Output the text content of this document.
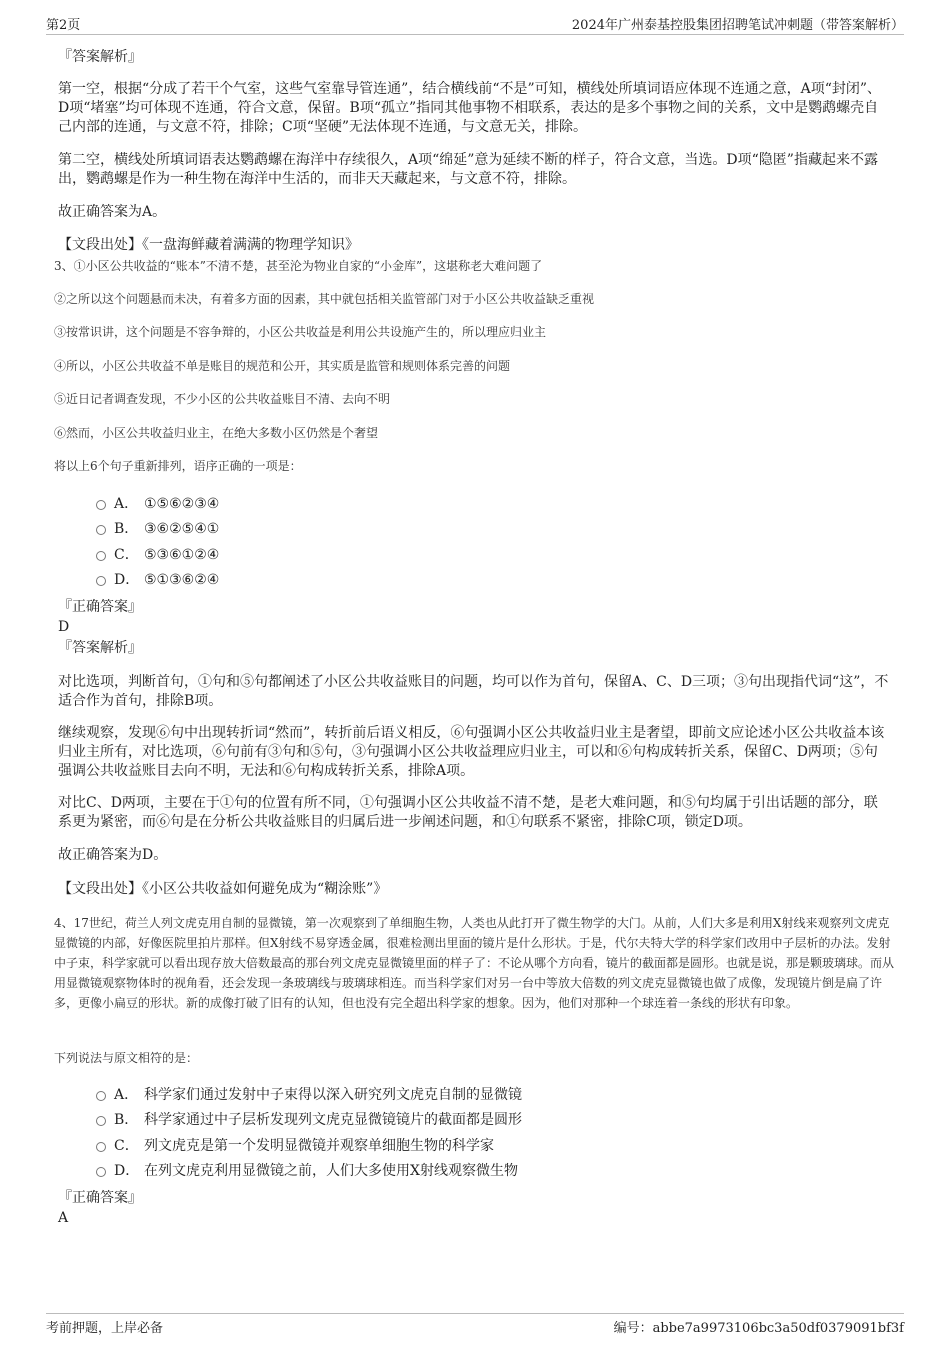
第2页	2024年广州泰基控股集团招聘笔试冲刺题（带答案解析）

『答案解析』

第一空，根据“分成了若干个气室，这些气室靠导管连通”，结合横线前“不是”可知，横线处所填词语应体现不连通之意，A项“封闭”、D项“堵塞”均可体现不连通，符合文意，保留。B项“孤立”指同其他事物不相联系，表达的是多个事物之间的关系，文中是鹦鹉螺壳自己内部的连通，与文意不符，排除；C项“坚硬”无法体现不连通，与文意无关，排除。

第二空，横线处所填词语表达鹦鹉螺在海洋中存续很久，A项“绵延”意为延续不断的样子，符合文意，当选。D项“隐匿”指藏起来不露出，鹦鹉螺是作为一种生物在海洋中生活的，而非天天藏起来，与文意不符，排除。

故正确答案为A。

【文段出处】《一盘海鲜藏着满满的物理学知识》

3、①小区公共收益的“账本”不清不楚，甚至沦为物业自家的“小金库”，这堪称老大难问题了

②之所以这个问题悬而未决，有着多方面的因素，其中就包括相关监管部门对于小区公共收益缺乏重视

③按常识讲，这个问题是不容争辩的，小区公共收益是利用公共设施产生的，所以理应归业主

④所以，小区公共收益不单是账目的规范和公开，其实质是监管和规则体系完善的问题

⑤近日记者调查发现，不少小区的公共收益账目不清、去向不明

⑥然而，小区公共收益归业主，在绝大多数小区仍然是个奢望

将以上6个句子重新排列，语序正确的一项是：

A． ①⑤⑥②③④
B． ③⑥②⑤④①
C． ⑤③⑥①②④
D． ⑤①③⑥②④

『正确答案』

D

『答案解析』

对比选项，判断首句，①句和⑤句都阐述了小区公共收益账目的问题，均可以作为首句，保留A、C、D三项；③句出现指代词“这”，不适合作为首句，排除B项。

继续观察，发现⑥句中出现转折词“然而”，转折前后语义相反，⑥句强调小区公共收益归业主是奢望，即前文应论述小区公共收益本该归业主所有，对比选项，⑥句前有③句和⑤句，③句强调小区公共收益理应归业主，可以和⑥句构成转折关系，保留C、D两项；⑤句强调公共收益账目去向不明，无法和⑥句构成转折关系，排除A项。

对比C、D两项，主要在于①句的位置有所不同，①句强调小区公共收益不清不楚，是老大难问题，和⑤句均属于引出话题的部分，联系更为紧密，而⑥句是在分析公共收益账目的归属后进一步阐述问题，和①句联系不紧密，排除C项，锁定D项。

故正确答案为D。

【文段出处】《小区公共收益如何避免成为“糊涂账”》

4、17世纪，荷兰人列文虎克用自制的显微镜，第一次观察到了单细胞生物，人类也从此打开了微生物学的大门。从前，人们大多是利用X射线来观察列文虎克显微镜的内部，好像医院里拍片那样。但X射线不易穿透金属，很难检测出里面的镜片是什么形状。于是，代尔夫特大学的科学家们改用中子层析的办法。发射中子束，科学家就可以看出现存放大倍数最高的那台列文虎克显微镜里面的样子了：不论从哪个方向看，镜片的截面都是圆形。也就是说，那是颗玻璃球。而从用显微镜观察物体时的视角看，还会发现一条玻璃线与玻璃球相连。而当科学家们对另一台中等放大倍数的列文虎克显微镜也做了成像，发现镜片倒是扁了许多，更像小扁豆的形状。新的成像打破了旧有的认知，但也没有完全超出科学家的想象。因为，他们对那种一个球连着一条线的形状有印象。

下列说法与原文相符的是：

A． 科学家们通过发射中子束得以深入研究列文虎克自制的显微镜
B． 科学家通过中子层析发现列文虎克显微镜镜片的截面都是圆形
C． 列文虎克是第一个发明显微镜并观察单细胞生物的科学家
D． 在列文虎克利用显微镜之前，人们大多使用X射线观察微生物

『正确答案』

A

考前押题，上岸必备	编号：abbe7a9973106bc3a50df0379091bf3f
